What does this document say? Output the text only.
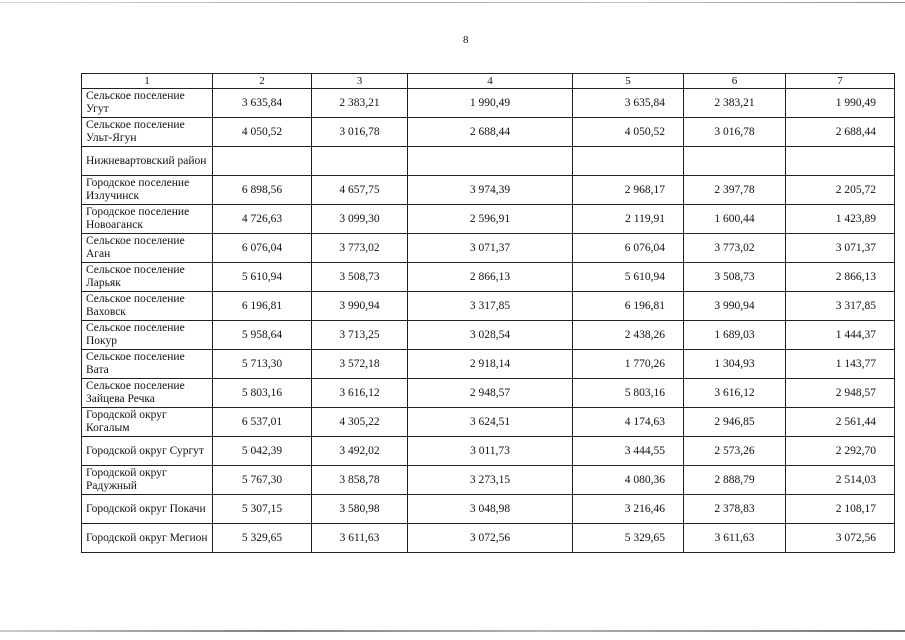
8
1	2	3	4	5	6	7
Сельское поселение Угут	3 635,84	2 383,21	1 990,49	3 635,84	2 383,21	1 990,49
Сельское поселение Ульт-Ягун	4 050,52	3 016,78	2 688,44	4 050,52	3 016,78	2 688,44
Нижневартовский район						
Городское поселение Излучинск	6 898,56	4 657,75	3 974,39	2 968,17	2 397,78	2 205,72
Городское поселение Новоаганск	4 726,63	3 099,30	2 596,91	2 119,91	1 600,44	1 423,89
Сельское поселение Аган	6 076,04	3 773,02	3 071,37	6 076,04	3 773,02	3 071,37
Сельское поселение Ларьяк	5 610,94	3 508,73	2 866,13	5 610,94	3 508,73	2 866,13
Сельское поселение Ваховск	6 196,81	3 990,94	3 317,85	6 196,81	3 990,94	3 317,85
Сельское поселение Покур	5 958,64	3 713,25	3 028,54	2 438,26	1 689,03	1 444,37
Сельское поселение Вата	5 713,30	3 572,18	2 918,14	1 770,26	1 304,93	1 143,77
Сельское поселение Зайцева Речка	5 803,16	3 616,12	2 948,57	5 803,16	3 616,12	2 948,57
Городской округ Когалым	6 537,01	4 305,22	3 624,51	4 174,63	2 946,85	2 561,44
Городской округ Сургут	5 042,39	3 492,02	3 011,73	3 444,55	2 573,26	2 292,70
Городской округ Радужный	5 767,30	3 858,78	3 273,15	4 080,36	2 888,79	2 514,03
Городской округ Покачи	5 307,15	3 580,98	3 048,98	3 216,46	2 378,83	2 108,17
Городской округ Мегион	5 329,65	3 611,63	3 072,56	5 329,65	3 611,63	3 072,56
